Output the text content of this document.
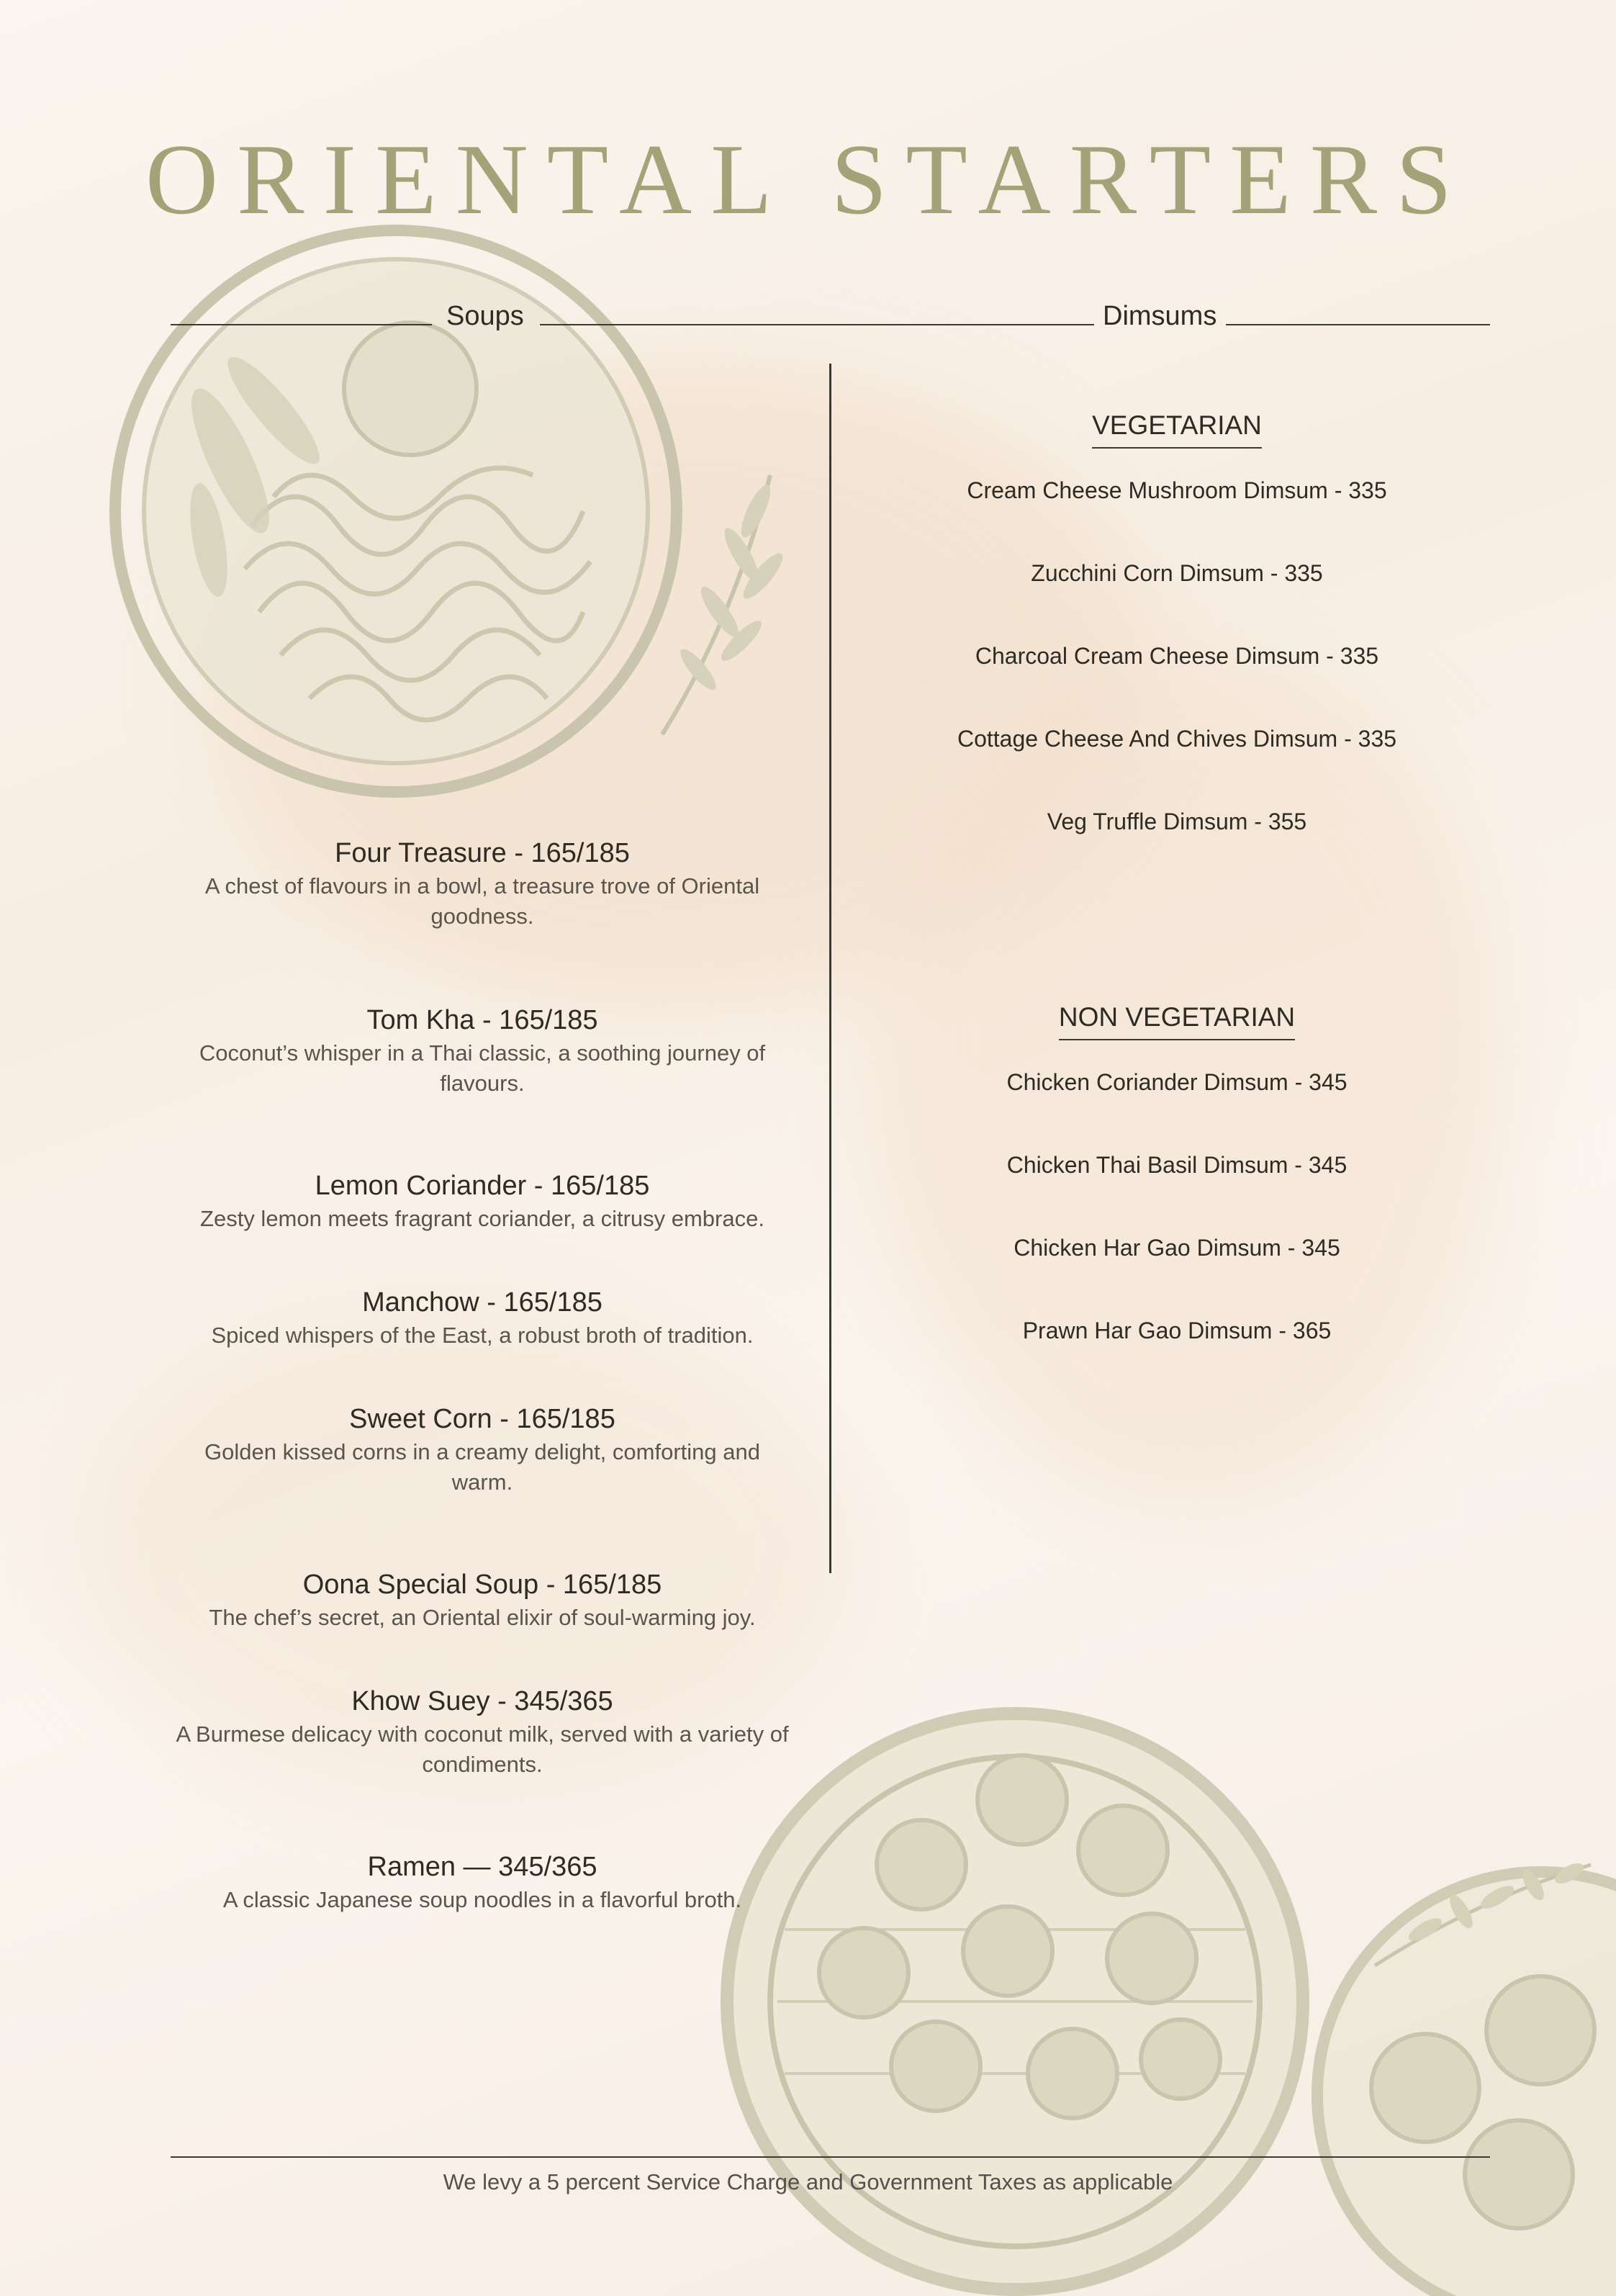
ORIENTAL STARTERS
Soups	Dimsums
Four Treasure - 165/185
A chest of flavours in a bowl, a treasure trove of Oriental goodness.
Tom Kha - 165/185
Coconut’s whisper in a Thai classic, a soothing journey of flavours.
Lemon Coriander - 165/185
Zesty lemon meets fragrant coriander, a citrusy embrace.
Manchow - 165/185
Spiced whispers of the East, a robust broth of tradition.
Sweet Corn - 165/185
Golden kissed corns in a creamy delight, comforting and warm.
Oona Special Soup - 165/185
The chef’s secret, an Oriental elixir of soul-warming joy.
Khow Suey - 345/365
A Burmese delicacy with coconut milk, served with a variety of condiments.
Ramen — 345/365
A classic Japanese soup noodles in a flavorful broth.
VEGETARIAN
Cream Cheese Mushroom Dimsum - 335
Zucchini Corn Dimsum - 335
Charcoal Cream Cheese Dimsum - 335
Cottage Cheese And Chives Dimsum - 335
Veg Truffle Dimsum - 355
NON VEGETARIAN
Chicken Coriander Dimsum - 345
Chicken Thai Basil Dimsum - 345
Chicken Har Gao Dimsum - 345
Prawn Har Gao Dimsum - 365
We levy a 5 percent Service Charge and Government Taxes as applicable
